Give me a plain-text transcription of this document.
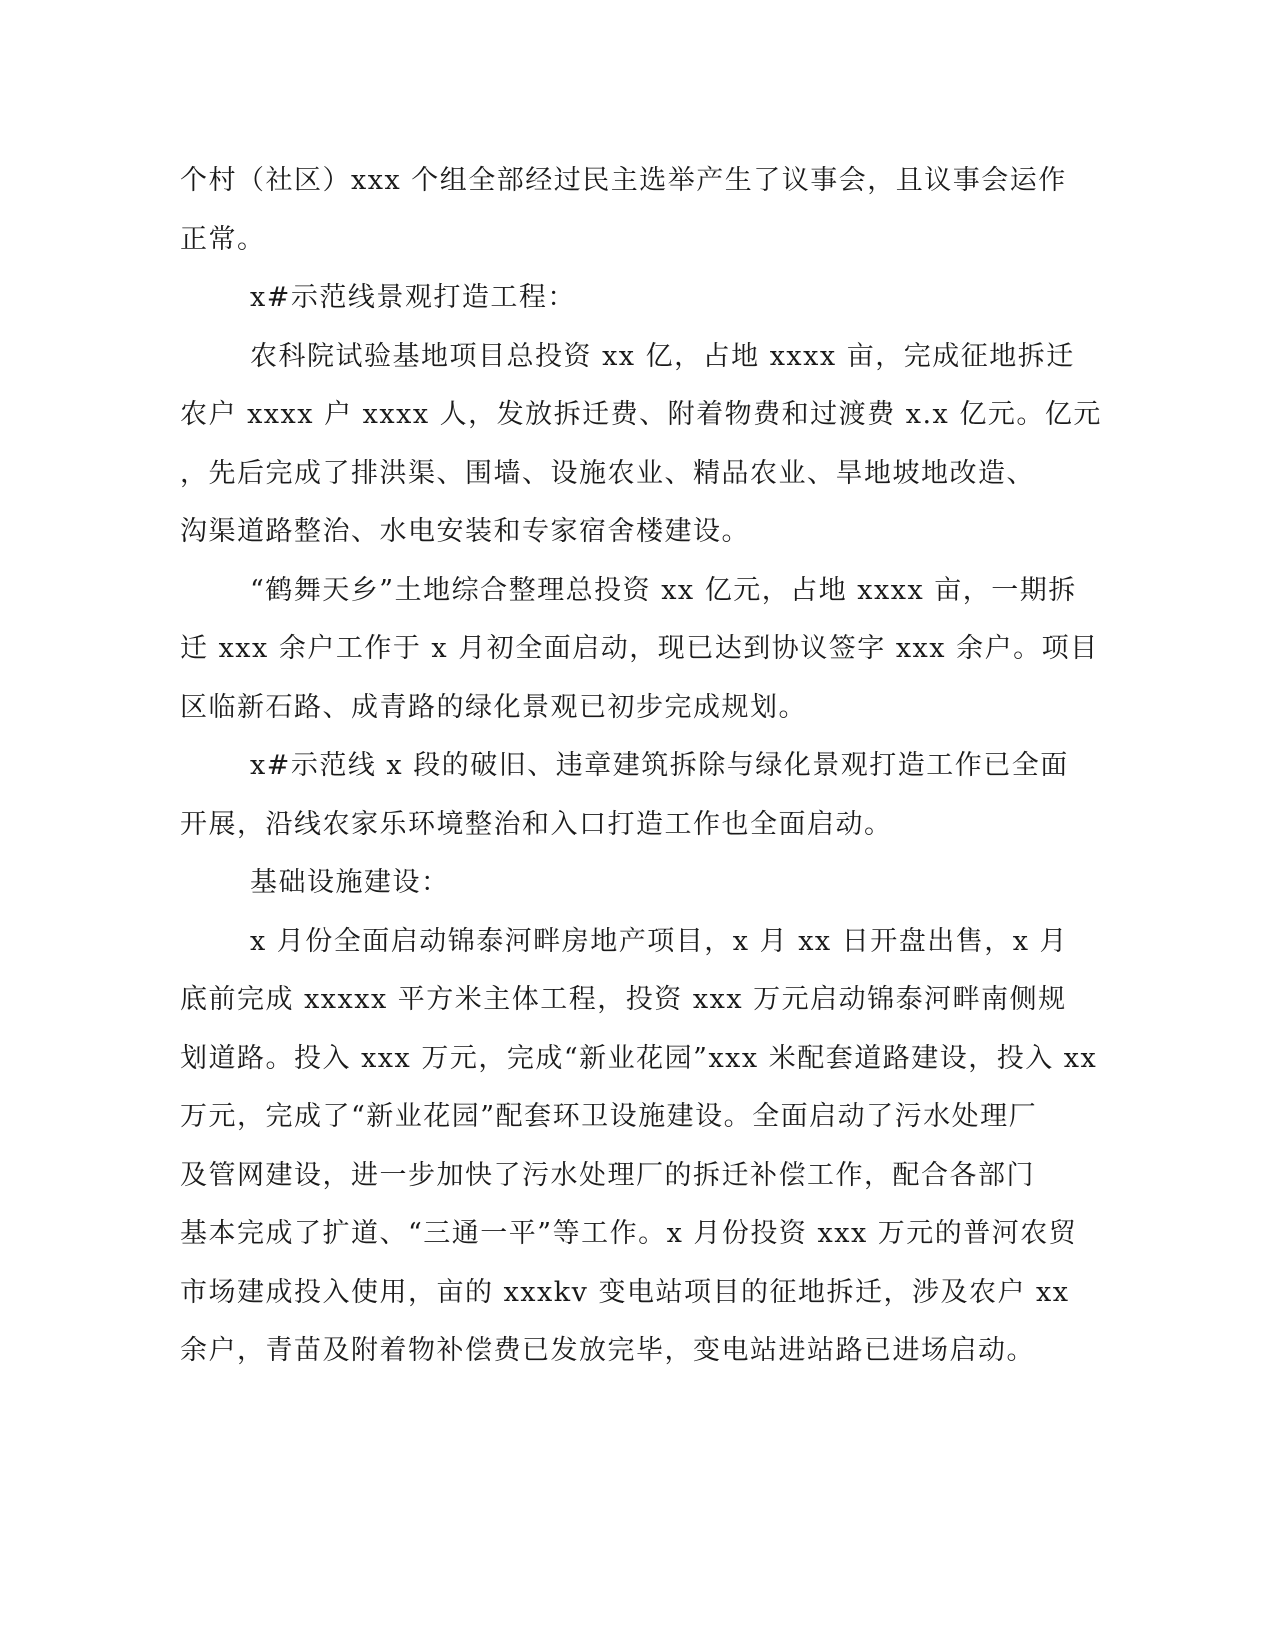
个村（社区）xxx 个组全部经过民主选举产生了议事会，且议事会运作
正常。
x#示范线景观打造工程：
农科院试验基地项目总投资 xx 亿，占地 xxxx 亩，完成征地拆迁
农户 xxxx 户 xxxx 人，发放拆迁费、附着物费和过渡费 x.x 亿元。亿元
，先后完成了排洪渠、围墙、设施农业、精品农业、旱地坡地改造、
沟渠道路整治、水电安装和专家宿舍楼建设。
“鹤舞天乡”土地综合整理总投资 xx 亿元，占地 xxxx 亩，一期拆
迁 xxx 余户工作于 x 月初全面启动，现已达到协议签字 xxx 余户。项目
区临新石路、成青路的绿化景观已初步完成规划。
x#示范线 x 段的破旧、违章建筑拆除与绿化景观打造工作已全面
开展，沿线农家乐环境整治和入口打造工作也全面启动。
基础设施建设：
x 月份全面启动锦泰河畔房地产项目，x 月 xx 日开盘出售，x 月
底前完成 xxxxx 平方米主体工程，投资 xxx 万元启动锦泰河畔南侧规
划道路。投入 xxx 万元，完成“新业花园”xxx 米配套道路建设，投入 xx
万元，完成了“新业花园”配套环卫设施建设。全面启动了污水处理厂
及管网建设，进一步加快了污水处理厂的拆迁补偿工作，配合各部门
基本完成了扩道、“三通一平”等工作。x 月份投资 xxx 万元的普河农贸
市场建成投入使用，亩的 xxxkv 变电站项目的征地拆迁，涉及农户 xx
余户，青苗及附着物补偿费已发放完毕，变电站进站路已进场启动。
